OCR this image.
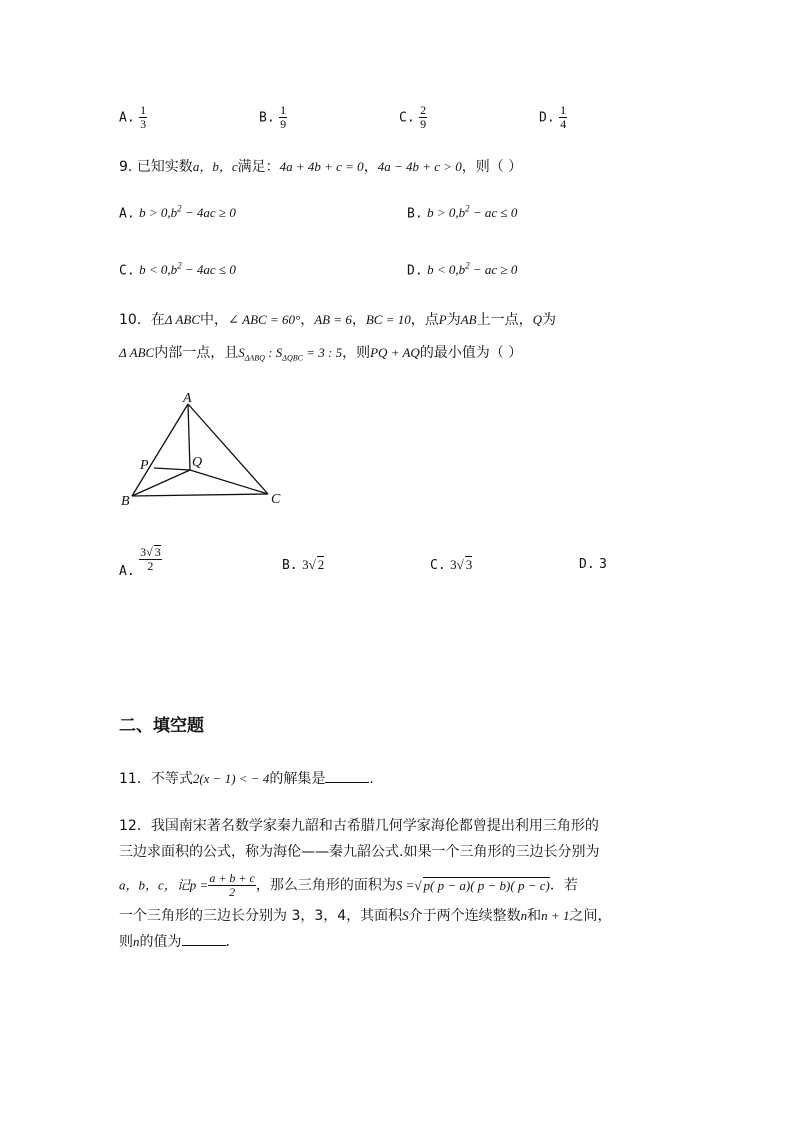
A. $\frac{1}{3}$	B. $\frac{1}{9}$	C. $\frac{2}{9}$	D. $\frac{1}{4}$
9. 已知实数a，b，c满足：4a + 4b + c = 0，4a − 4b + c > 0，则（ ）
A. $b > 0,b^2 - 4ac \ge 0$	B. $b > 0,b^2$ − ac ≤ 0
C. $b < 0,b^2 - 4ac \le 0$	D. $b < 0,b^2$ − ac ≥ 0
10．在Δ ABC中，∠ ABC = 60°，AB = 6，BC = 10，点P为AB上一点，Q为
Δ ABC内部一点，且$S_{\Delta ABQ}$ : $S_{\Delta QBC} = 3$ : 5，则PQ + AQ的最小值为（ ）
A
B	C
P	Q
A. $\frac{3√ 3}{2}$	B. 3√ 2	C. 3√ 3	D. 3
二、填空题
11．不等式2(x − 1) < − 4的解集是	.
12．我国南宋著名数学家秦九韶和古希腊几何学家海伦都曾提出利用三角形的
三边求面积的公式，称为海伦——秦九韶公式.如果一个三角形的三边长分别为
a，b，c，记$p = \frac{a + b + c}{2}$ ，那么三角形的面积为S =√ p( p − a)( p − b)( p − c)．若
一个三角形的三边长分别为 3，3，4，其面积S介于两个连续整数n和n + 1之间，
则n的值为	.
